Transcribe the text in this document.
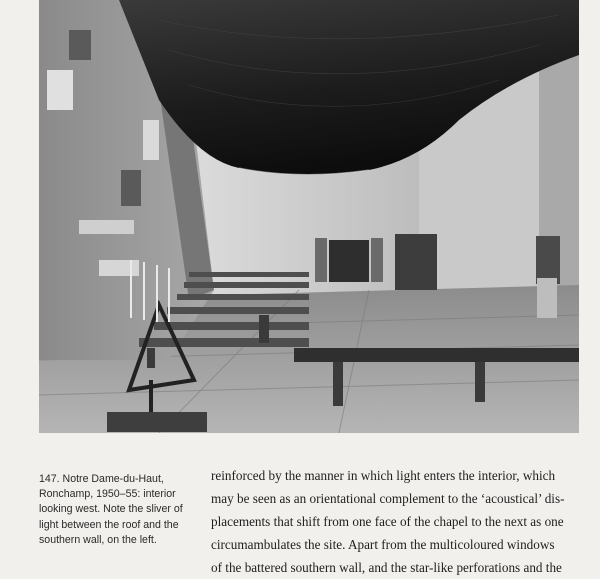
147. Notre Dame-du-Haut,

Ronchamp, 1950–55: interior

looking west. Note the sliver of

light between the roof and the

southern wall, on the left.

reinforced by the manner in which light enters the interior, which

may be seen as an orientational complement to the ‘acoustical’ dis-

placements that shift from one face of the chapel to the next as one

circumambulates the site. Apart from the multicoloured windows

of the battered southern wall, and the star-like perforations and the
